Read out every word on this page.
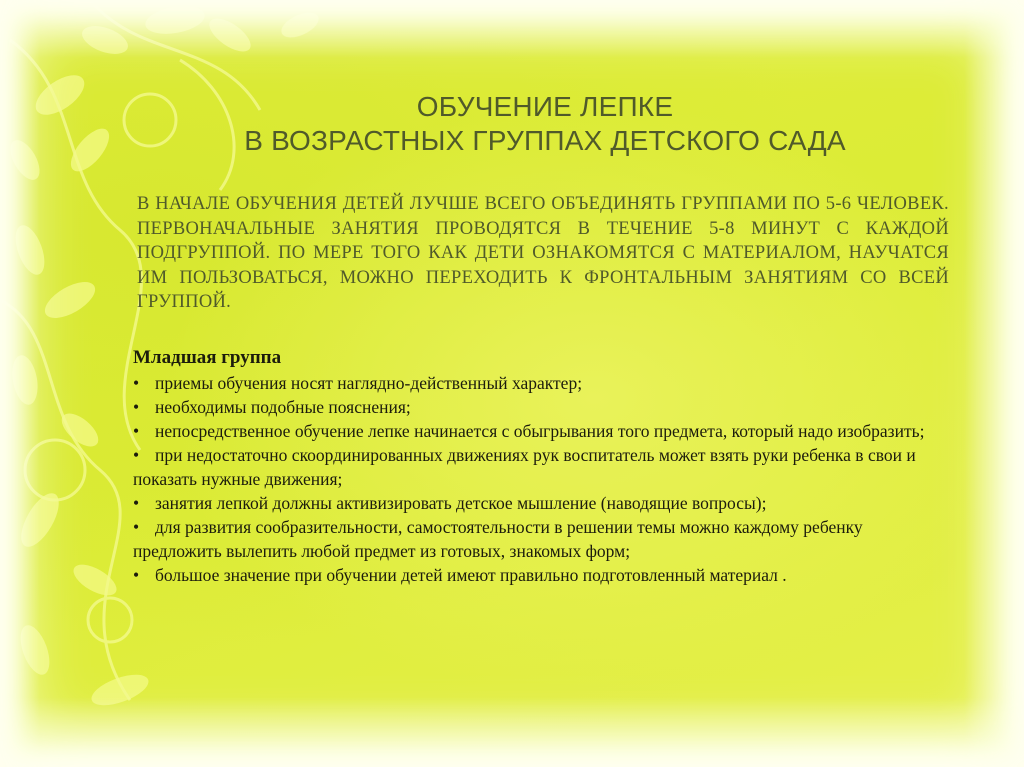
ОБУЧЕНИЕ ЛЕПКЕ
В ВОЗРАСТНЫХ ГРУППАХ ДЕТСКОГО САДА
В НАЧАЛЕ ОБУЧЕНИЯ ДЕТЕЙ ЛУЧШЕ ВСЕГО ОБЪЕДИНЯТЬ ГРУППАМИ ПО 5-6 ЧЕЛОВЕК. ПЕРВОНАЧАЛЬНЫЕ ЗАНЯТИЯ ПРОВОДЯТСЯ В ТЕЧЕНИЕ 5-8 МИНУТ С КАЖДОЙ ПОДГРУППОЙ. ПО МЕРЕ ТОГО КАК ДЕТИ ОЗНАКОМЯТСЯ С МАТЕРИАЛОМ, НАУЧАТСЯ ИМ ПОЛЬЗОВАТЬСЯ, МОЖНО ПЕРЕХОДИТЬ К ФРОНТАЛЬНЫМ ЗАНЯТИЯМ СО ВСЕЙ ГРУППОЙ.
Младшая группа
• приемы обучения носят наглядно-действенный характер;
• необходимы подобные пояснения;
• непосредственное обучение лепке начинается с обыгрывания того предмета, который надо изобразить;
• при недостаточно скоординированных движениях рук воспитатель может взять руки ребенка в свои и показать нужные движения;
• занятия лепкой должны активизировать детское мышление (наводящие вопросы);
• для развития сообразительности, самостоятельности в решении темы можно каждому ребенку предложить вылепить любой предмет из готовых, знакомых форм;
• большое значение при обучении детей имеют правильно подготовленный материал .
